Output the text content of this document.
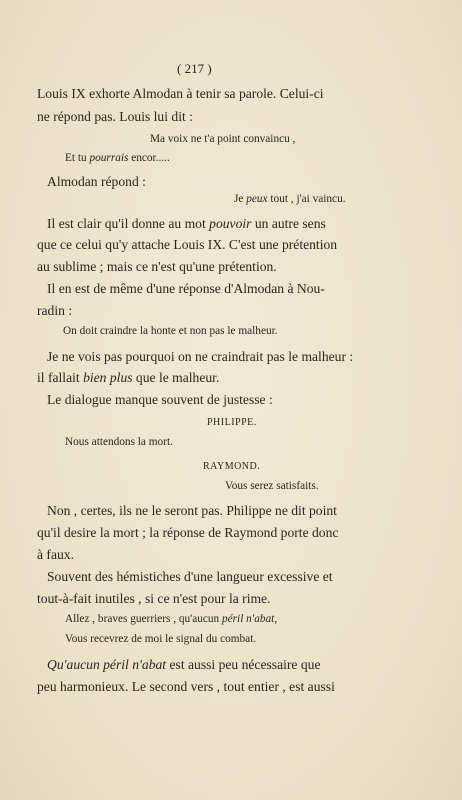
( 217 )
Louis IX exhorte Almodan à tenir sa parole. Celui-ci
ne répond pas. Louis lui dit :
Ma voix ne t'a point convaincu ,
Et tu pourrais encor.....
Almodan répond :
Je peux tout , j'ai vaincu.
Il est clair qu'il donne au mot pouvoir un autre sens
que ce celui qu'y attache Louis IX. C'est une prétention
au sublime ; mais ce n'est qu'une prétention.
Il en est de même d'une réponse d'Almodan à Nou-
radin :
On doit craindre la honte et non pas le malheur.
Je ne vois pas pourquoi on ne craindrait pas le malheur :
il fallait bien plus que le malheur.
Le dialogue manque souvent de justesse :
PHILIPPE.
Nous attendons la mort.
RAYMOND.
Vous serez satisfaits.
Non , certes, ils ne le seront pas. Philippe ne dit point
qu'il desire la mort ; la réponse de Raymond porte donc
à faux.
Souvent des hémistiches d'une langueur excessive et
tout-à-fait inutiles , si ce n'est pour la rime.
Allez , braves guerriers , qu'aucun péril n'abat,
Vous recevrez de moi le signal du combat.
Qu'aucun péril n'abat est aussi peu nécessaire que
peu harmonieux. Le second vers , tout entier , est aussi
